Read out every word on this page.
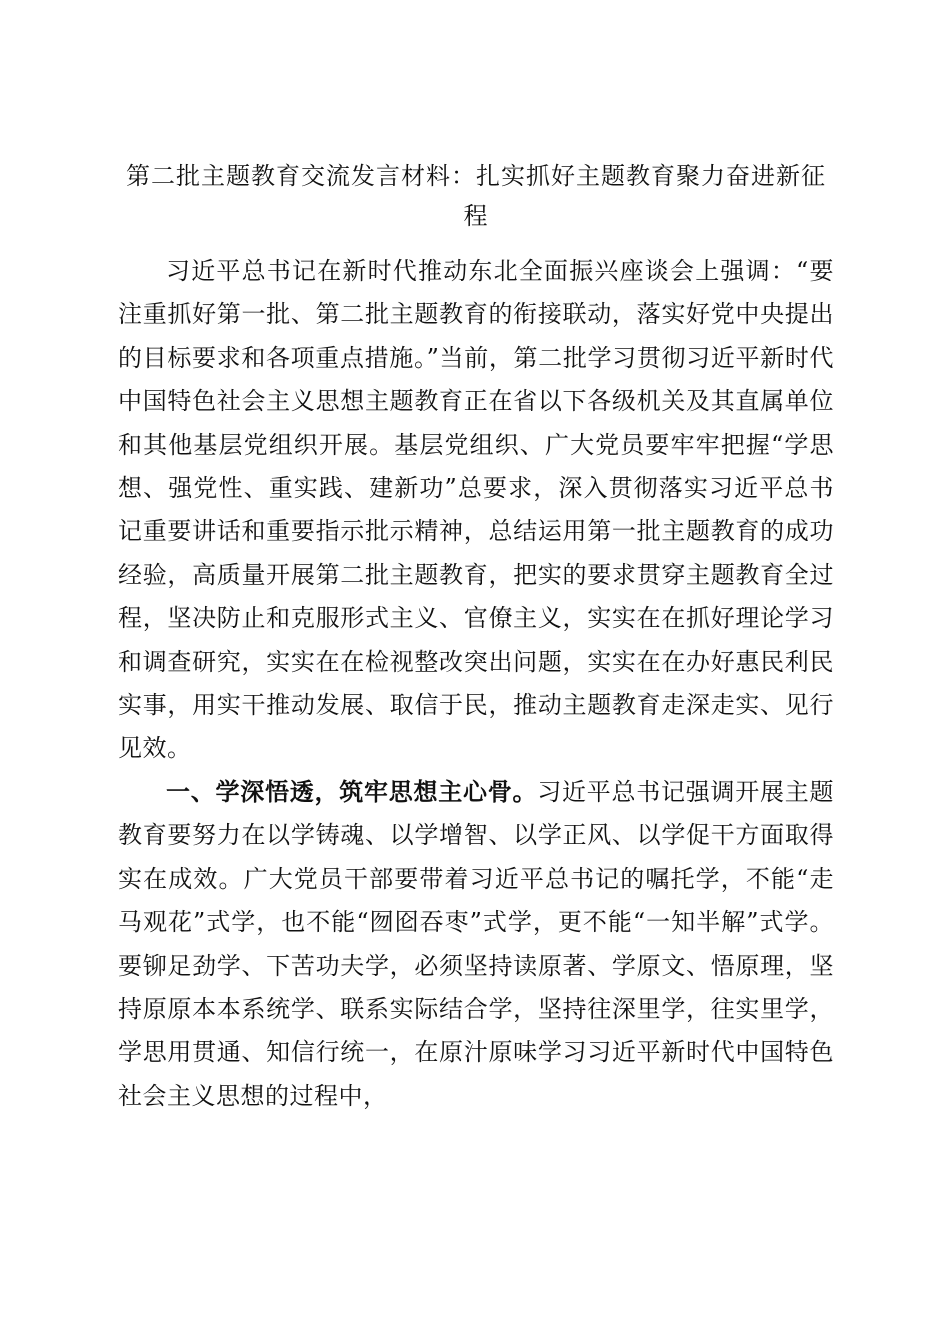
第二批主题教育交流发言材料：扎实抓好主题教育聚力奋进新征程

习近平总书记在新时代推动东北全面振兴座谈会上强调：“要注重抓好第一批、第二批主题教育的衔接联动，落实好党中央提出的目标要求和各项重点措施。”当前，第二批学习贯彻习近平新时代中国特色社会主义思想主题教育正在省以下各级机关及其直属单位和其他基层党组织开展。基层党组织、广大党员要牢牢把握“学思想、强党性、重实践、建新功”总要求，深入贯彻落实习近平总书记重要讲话和重要指示批示精神，总结运用第一批主题教育的成功经验，高质量开展第二批主题教育，把实的要求贯穿主题教育全过程，坚决防止和克服形式主义、官僚主义，实实在在抓好理论学习和调查研究，实实在在检视整改突出问题，实实在在办好惠民利民实事，用实干推动发展、取信于民，推动主题教育走深走实、见行见效。

一、学深悟透，筑牢思想主心骨。习近平总书记强调开展主题教育要努力在以学铸魂、以学增智、以学正风、以学促干方面取得实在成效。广大党员干部要带着习近平总书记的嘱托学，不能“走马观花”式学，也不能“囫囵吞枣”式学，更不能“一知半解”式学。要铆足劲学、下苦功夫学，必须坚持读原著、学原文、悟原理，坚持原原本本系统学、联系实际结合学，坚持往深里学，往实里学，学思用贯通、知信行统一，在原汁原味学习习近平新时代中国特色社会主义思想的过程中，
